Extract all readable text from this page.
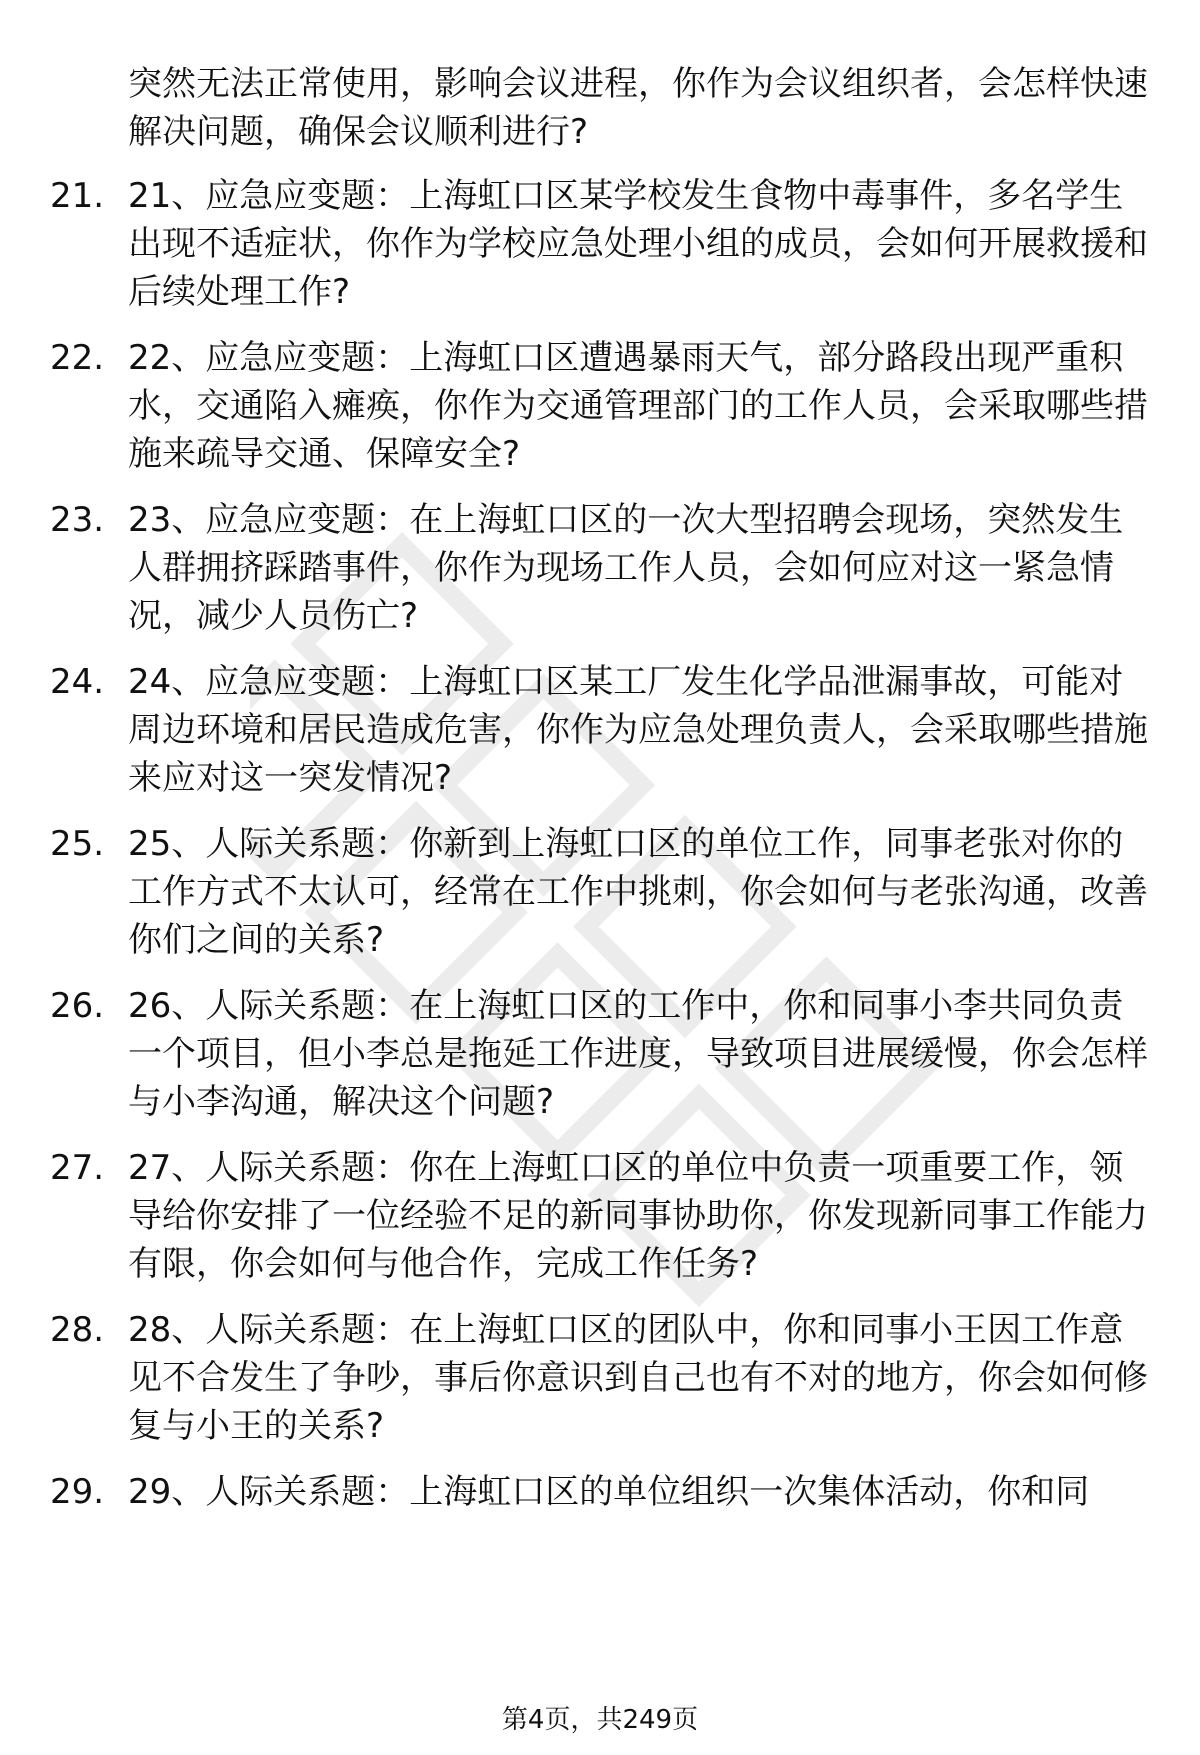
突然无法正常使用，影响会议进程，你作为会议组织者，会怎样快速解决问题，确保会议顺利进行?

21. 21、应急应变题：上海虹口区某学校发生食物中毒事件，多名学生出现不适症状，你作为学校应急处理小组的成员，会如何开展救援和后续处理工作?

22. 22、应急应变题：上海虹口区遭遇暴雨天气，部分路段出现严重积水，交通陷入瘫痪，你作为交通管理部门的工作人员，会采取哪些措施来疏导交通、保障安全?

23. 23、应急应变题：在上海虹口区的一次大型招聘会现场，突然发生人群拥挤踩踏事件，你作为现场工作人员，会如何应对这一紧急情况，减少人员伤亡?

24. 24、应急应变题：上海虹口区某工厂发生化学品泄漏事故，可能对周边环境和居民造成危害，你作为应急处理负责人，会采取哪些措施来应对这一突发情况?

25. 25、人际关系题：你新到上海虹口区的单位工作，同事老张对你的工作方式不太认可，经常在工作中挑刺，你会如何与老张沟通，改善你们之间的关系?

26. 26、人际关系题：在上海虹口区的工作中，你和同事小李共同负责一个项目，但小李总是拖延工作进度，导致项目进展缓慢，你会怎样与小李沟通，解决这个问题?

27. 27、人际关系题：你在上海虹口区的单位中负责一项重要工作，领导给你安排了一位经验不足的新同事协助你，你发现新同事工作能力有限，你会如何与他合作，完成工作任务?

28. 28、人际关系题：在上海虹口区的团队中，你和同事小王因工作意见不合发生了争吵，事后你意识到自己也有不对的地方，你会如何修复与小王的关系?

29. 29、人际关系题：上海虹口区的单位组织一次集体活动，你和同

第4页，共249页
